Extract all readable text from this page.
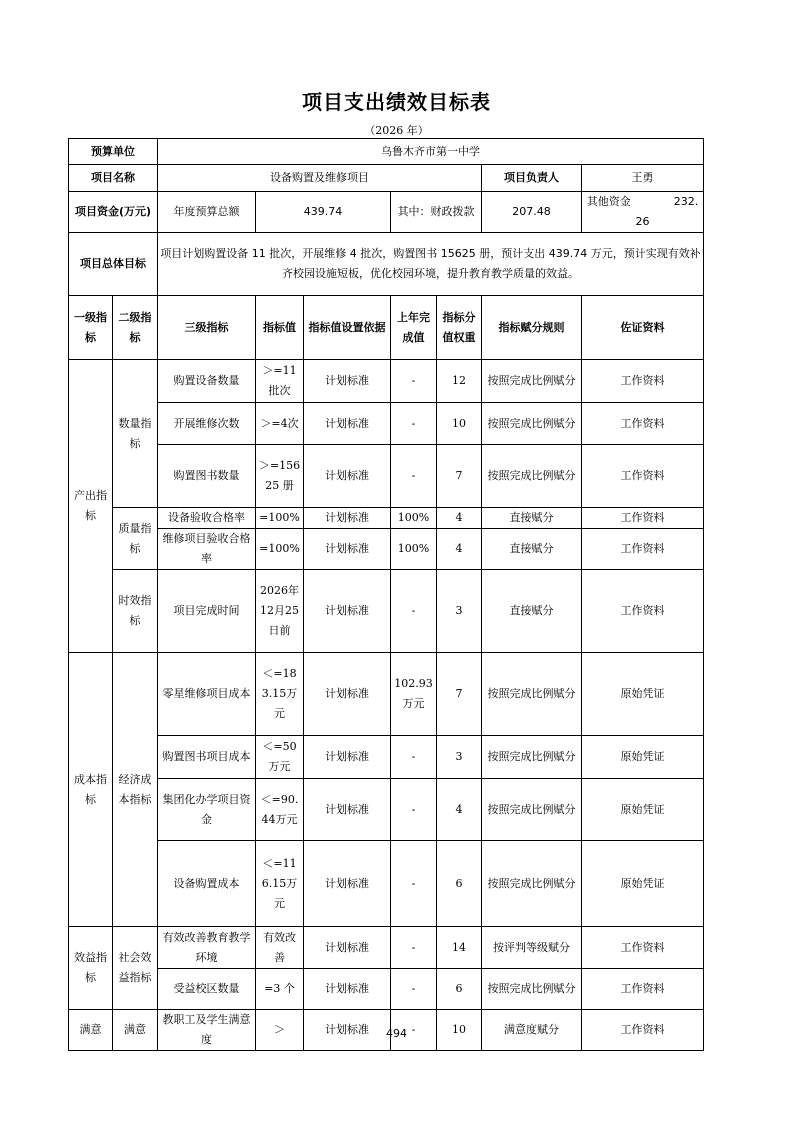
项目支出绩效目标表
（2026 年）
预算单位		乌鲁木齐市第一中学						
项目名称		设备购置及维修项目					项目负责人	王勇
项目资金(万元)		年度预算总额	439.74		其中：财政拨款		207.48	其他资金 232.26
项目总体目标		项目计划购置设备 11 批次，开展维修 4 批次，购置图书 15625 册，预计支出 439.74 万元，预计实现有效补齐校园设施短板，优化校园环境，提升教育教学质量的效益。						
一级指标	二级指标	三级指标	指标值	指标值设置依据	上年完成值	指标分值权重	指标赋分规则	佐证资料
产出指标	数量指标	购置设备数量	＞=11批次	计划标准	-	12	按照完成比例赋分	工作资料
		开展维修次数	＞=4次	计划标准	-	10	按照完成比例赋分	工作资料
		购置图书数量	＞=15625 册	计划标准	-	7	按照完成比例赋分	工作资料
	质量指标	设备验收合格率	=100%	计划标准	100%	4	直接赋分	工作资料
		维修项目验收合格率	=100%	计划标准	100%	4	直接赋分	工作资料
	时效指标	项目完成时间	2026年12月25日前	计划标准	-	3	直接赋分	工作资料
成本指标	经济成本指标	零星维修项目成本	＜=183.15万元	计划标准	102.93 万元	7	按照完成比例赋分	原始凭证
		购置图书项目成本	＜=50万元	计划标准	-	3	按照完成比例赋分	原始凭证
		集团化办学项目资金	＜=90.44万元	计划标准	-	4	按照完成比例赋分	原始凭证
		设备购置成本	＜=116.15万元	计划标准	-	6	按照完成比例赋分	原始凭证
效益指标	社会效益指标	有效改善教育教学环境	有效改善	计划标准	-	14	按评判等级赋分	工作资料
		受益校区数量	=3 个	计划标准	-	6	按照完成比例赋分	工作资料
满意	满意	教职工及学生满意度	＞	计划标准	-	10	满意度赋分	工作资料
494
